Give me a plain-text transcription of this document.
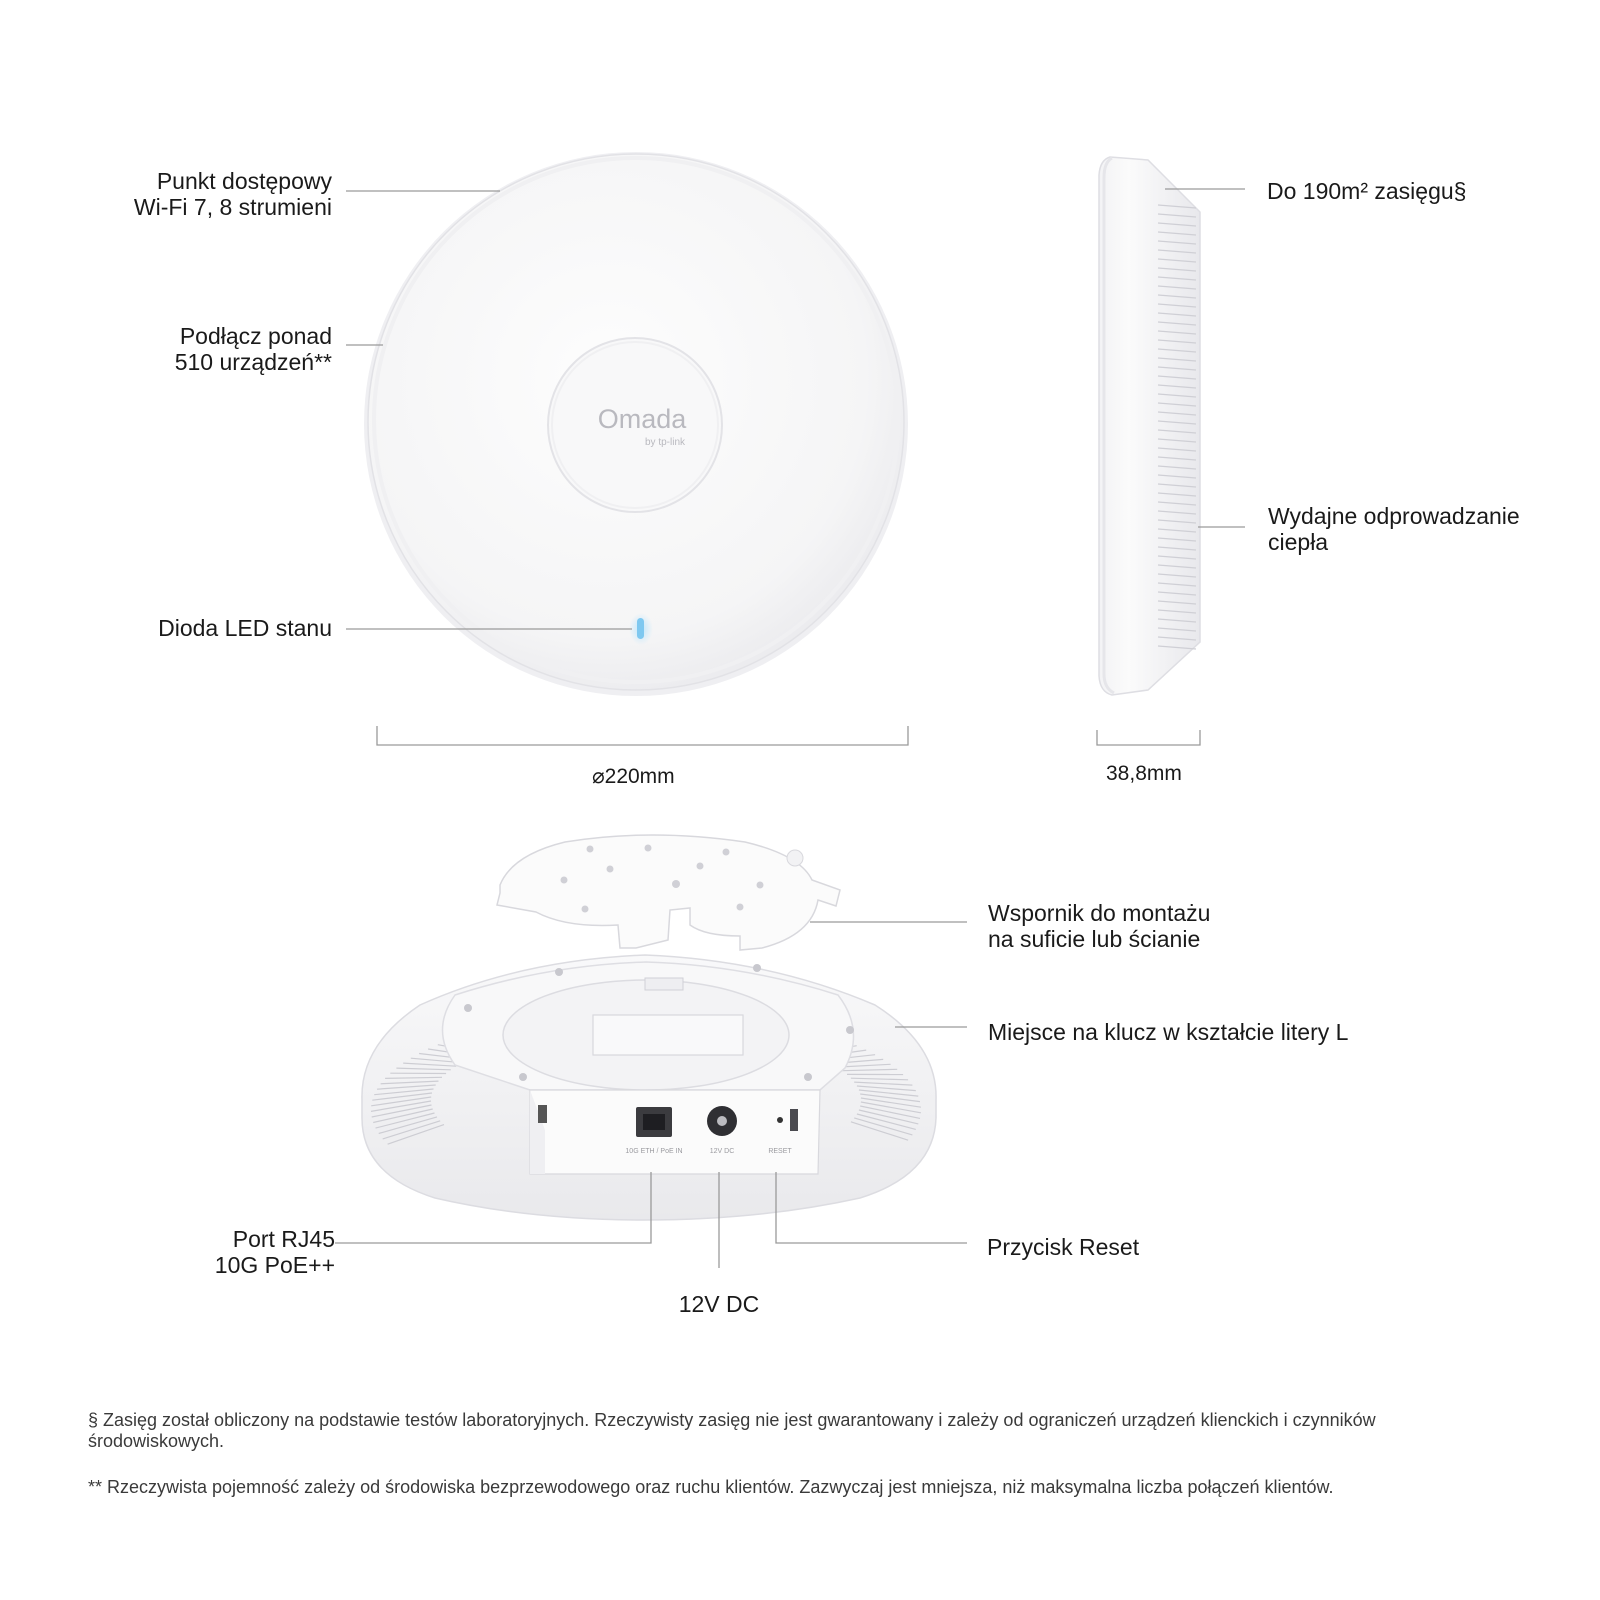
Omada
by tp-link
10G ETH / PoE IN	12V DC	RESET
Punkt dostępowy
Wi-Fi 7, 8 strumieni
Podłącz ponad
510 urządzeń**
Dioda LED stanu
Do 190m² zasięgu§
Wydajne odprowadzanie
ciepła
Wspornik do montażu
na suficie lub ścianie
Miejsce na klucz w kształcie litery L
Port RJ45
10G PoE++
12V DC
Przycisk Reset
⌀220mm	38,8mm
§ Zasięg został obliczony na podstawie testów laboratoryjnych. Rzeczywisty zasięg nie jest gwarantowany i zależy od ograniczeń urządzeń klienckich i czynników środowiskowych.
** Rzeczywista pojemność zależy od środowiska bezprzewodowego oraz ruchu klientów. Zazwyczaj jest mniejsza, niż maksymalna liczba połączeń klientów.
